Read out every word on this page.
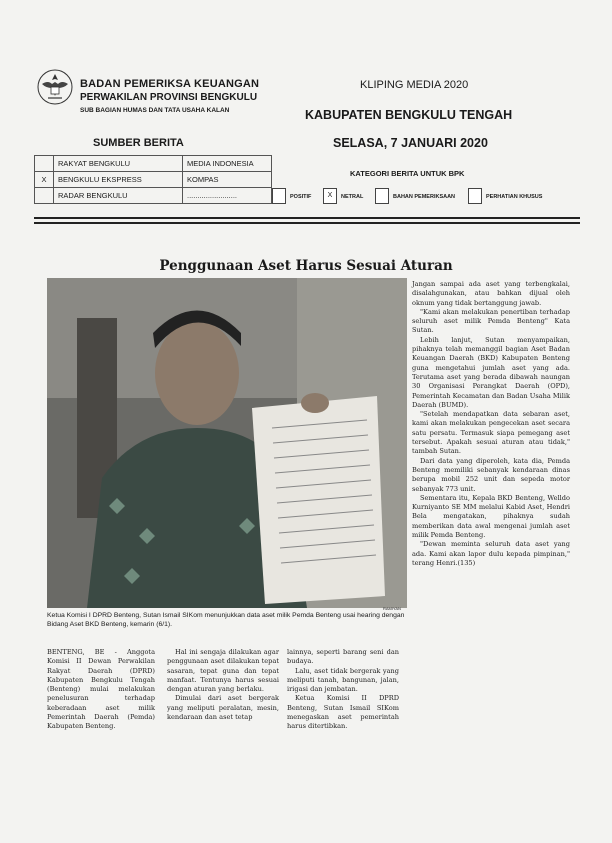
BADAN PEMERIKSA KEUANGAN
PERWAKILAN PROVINSI BENGKULU
SUB BAGIAN HUMAS DAN TATA USAHA KALAN
KLIPING MEDIA 2020
KABUPATEN BENGKULU TENGAH
SELASA, 7 JANUARI 2020
SUMBER BERITA
	RAKYAT BENGKULU	MEDIA INDONESIA
X	BENGKULU EKSPRESS	KOMPAS
	RADAR BENGKULU	........................
KATEGORI BERITA UNTUK BPK
POSITIF	X	NETRAL	BAHAN PEMERIKSAAN	PERHATIAN KHUSUS
Penggunaan Aset Harus Sesuai Aturan
RAMIYAN
Ketua Komisi I DPRD Benteng, Sutan Ismail SIKom menunjukkan data aset milik Pemda Benteng usai hearing dengan Bidang Aset BKD Benteng, kemarin (6/1).

BENTENG, BE - Anggota Komisi II Dewan Perwakilan Rakyat Daerah (DPRD) Kabupaten Bengkulu Tengah (Benteng) mulai melakukan penelusuran terhadap keberadaan aset milik Pemerintah Daerah (Pemda) Kabupaten Benteng.

Hal ini sengaja dilakukan agar penggunaan aset dilakukan tepat sasaran, tepat guna dan tepat manfaat. Tentunya harus sesuai dengan aturan yang berlaku.

Dimulai dari aset bergerak yang meliputi peralatan, mesin, kendaraan dan aset tetap

lainnya, seperti barang seni dan budaya.

Lalu, aset tidak bergerak yang meliputi tanah, bangunan, jalan, irigasi dan jembatan.

Ketua Komisi II DPRD Benteng, Sutan Ismail SIKom menegaskan aset pemerintah harus ditertibkan.

Jangan sampai ada aset yang terbengkalai, disalahgunakan, atau bahkan dijual oleh oknum yang tidak bertanggung jawab.

"Kami akan melakukan penertiban terhadap seluruh aset milik Pemda Benteng" Kata Sutan.

Lebih lanjut, Sutan menyampaikan, pihaknya telah memanggil bagian Aset Badan Keuangan Daerah (BKD) Kabupaten Benteng guna mengetahui jumlah aset yang ada. Terutama aset yang berada dibawah naungan 30 Organisasi Perangkat Daerah (OPD), Pemerintah Kecamatan dan Badan Usaha Milik Daerah (BUMD).

"Setelah mendapatkan data sebaran aset, kami akan melakukan pengecekan aset secara satu persatu. Termasuk siapa pemegang aset tersebut. Apakah sesuai aturan atau tidak," tambah Sutan.

Dari data yang diperoleh, kata dia, Pemda Benteng memiliki sebanyak kendaraan dinas berupa mobil 252 unit dan sepeda motor sebanyak 773 unit.

Sementara itu, Kepala BKD Benteng, Welldo Kurniyanto SE MM melalui Kabid Aset, Hendri Bela mengatakan, pihaknya sudah memberikan data awal mengenai jumlah aset milik Pemda Benteng.

"Dewan meminta seluruh data aset yang ada. Kami akan lapor dulu kepada pimpinan," terang Henri.(135)
